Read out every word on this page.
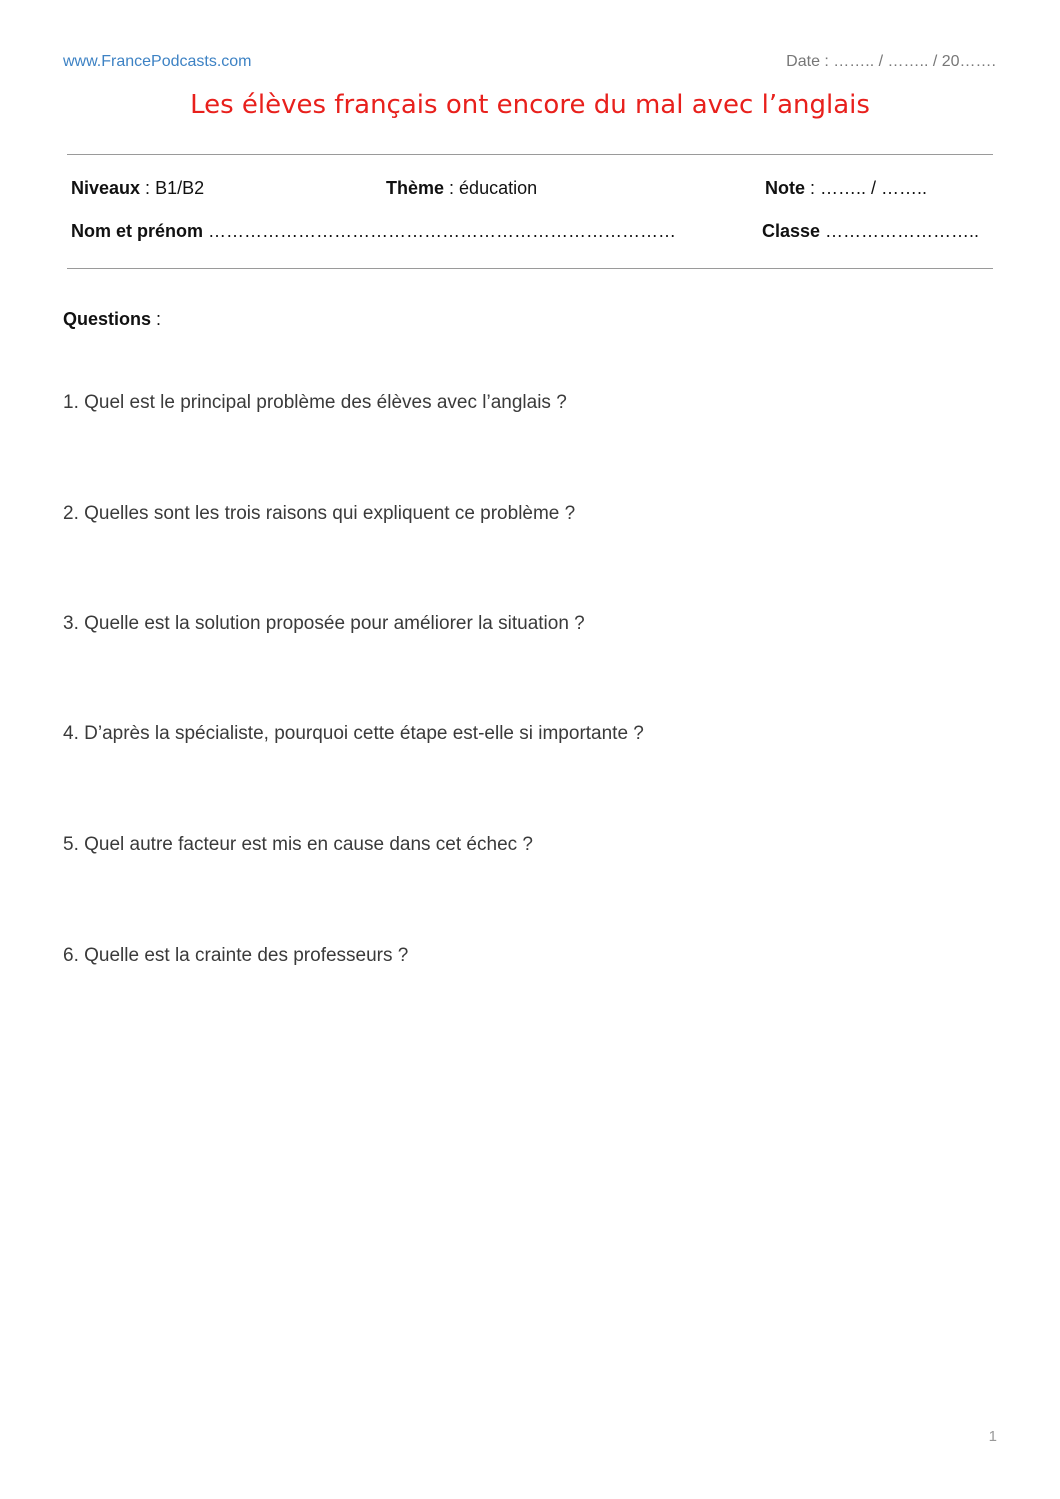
www.FrancePodcasts.com	Date : …….. / …….. / 20…….
Les élèves français ont encore du mal avec l’anglais
Niveaux : B1/B2	Thème : éducation	Note : …….. / ……..
Nom et prénom ……………………………………………………………………	Classe ……………………..
Questions :
1. Quel est le principal problème des élèves avec l’anglais ?
2. Quelles sont les trois raisons qui expliquent ce problème ?
3. Quelle est la solution proposée pour améliorer la situation ?
4. D’après la spécialiste, pourquoi cette étape est-elle si importante ?
5. Quel autre facteur est mis en cause dans cet échec ?
6. Quelle est la crainte des professeurs ?
1
